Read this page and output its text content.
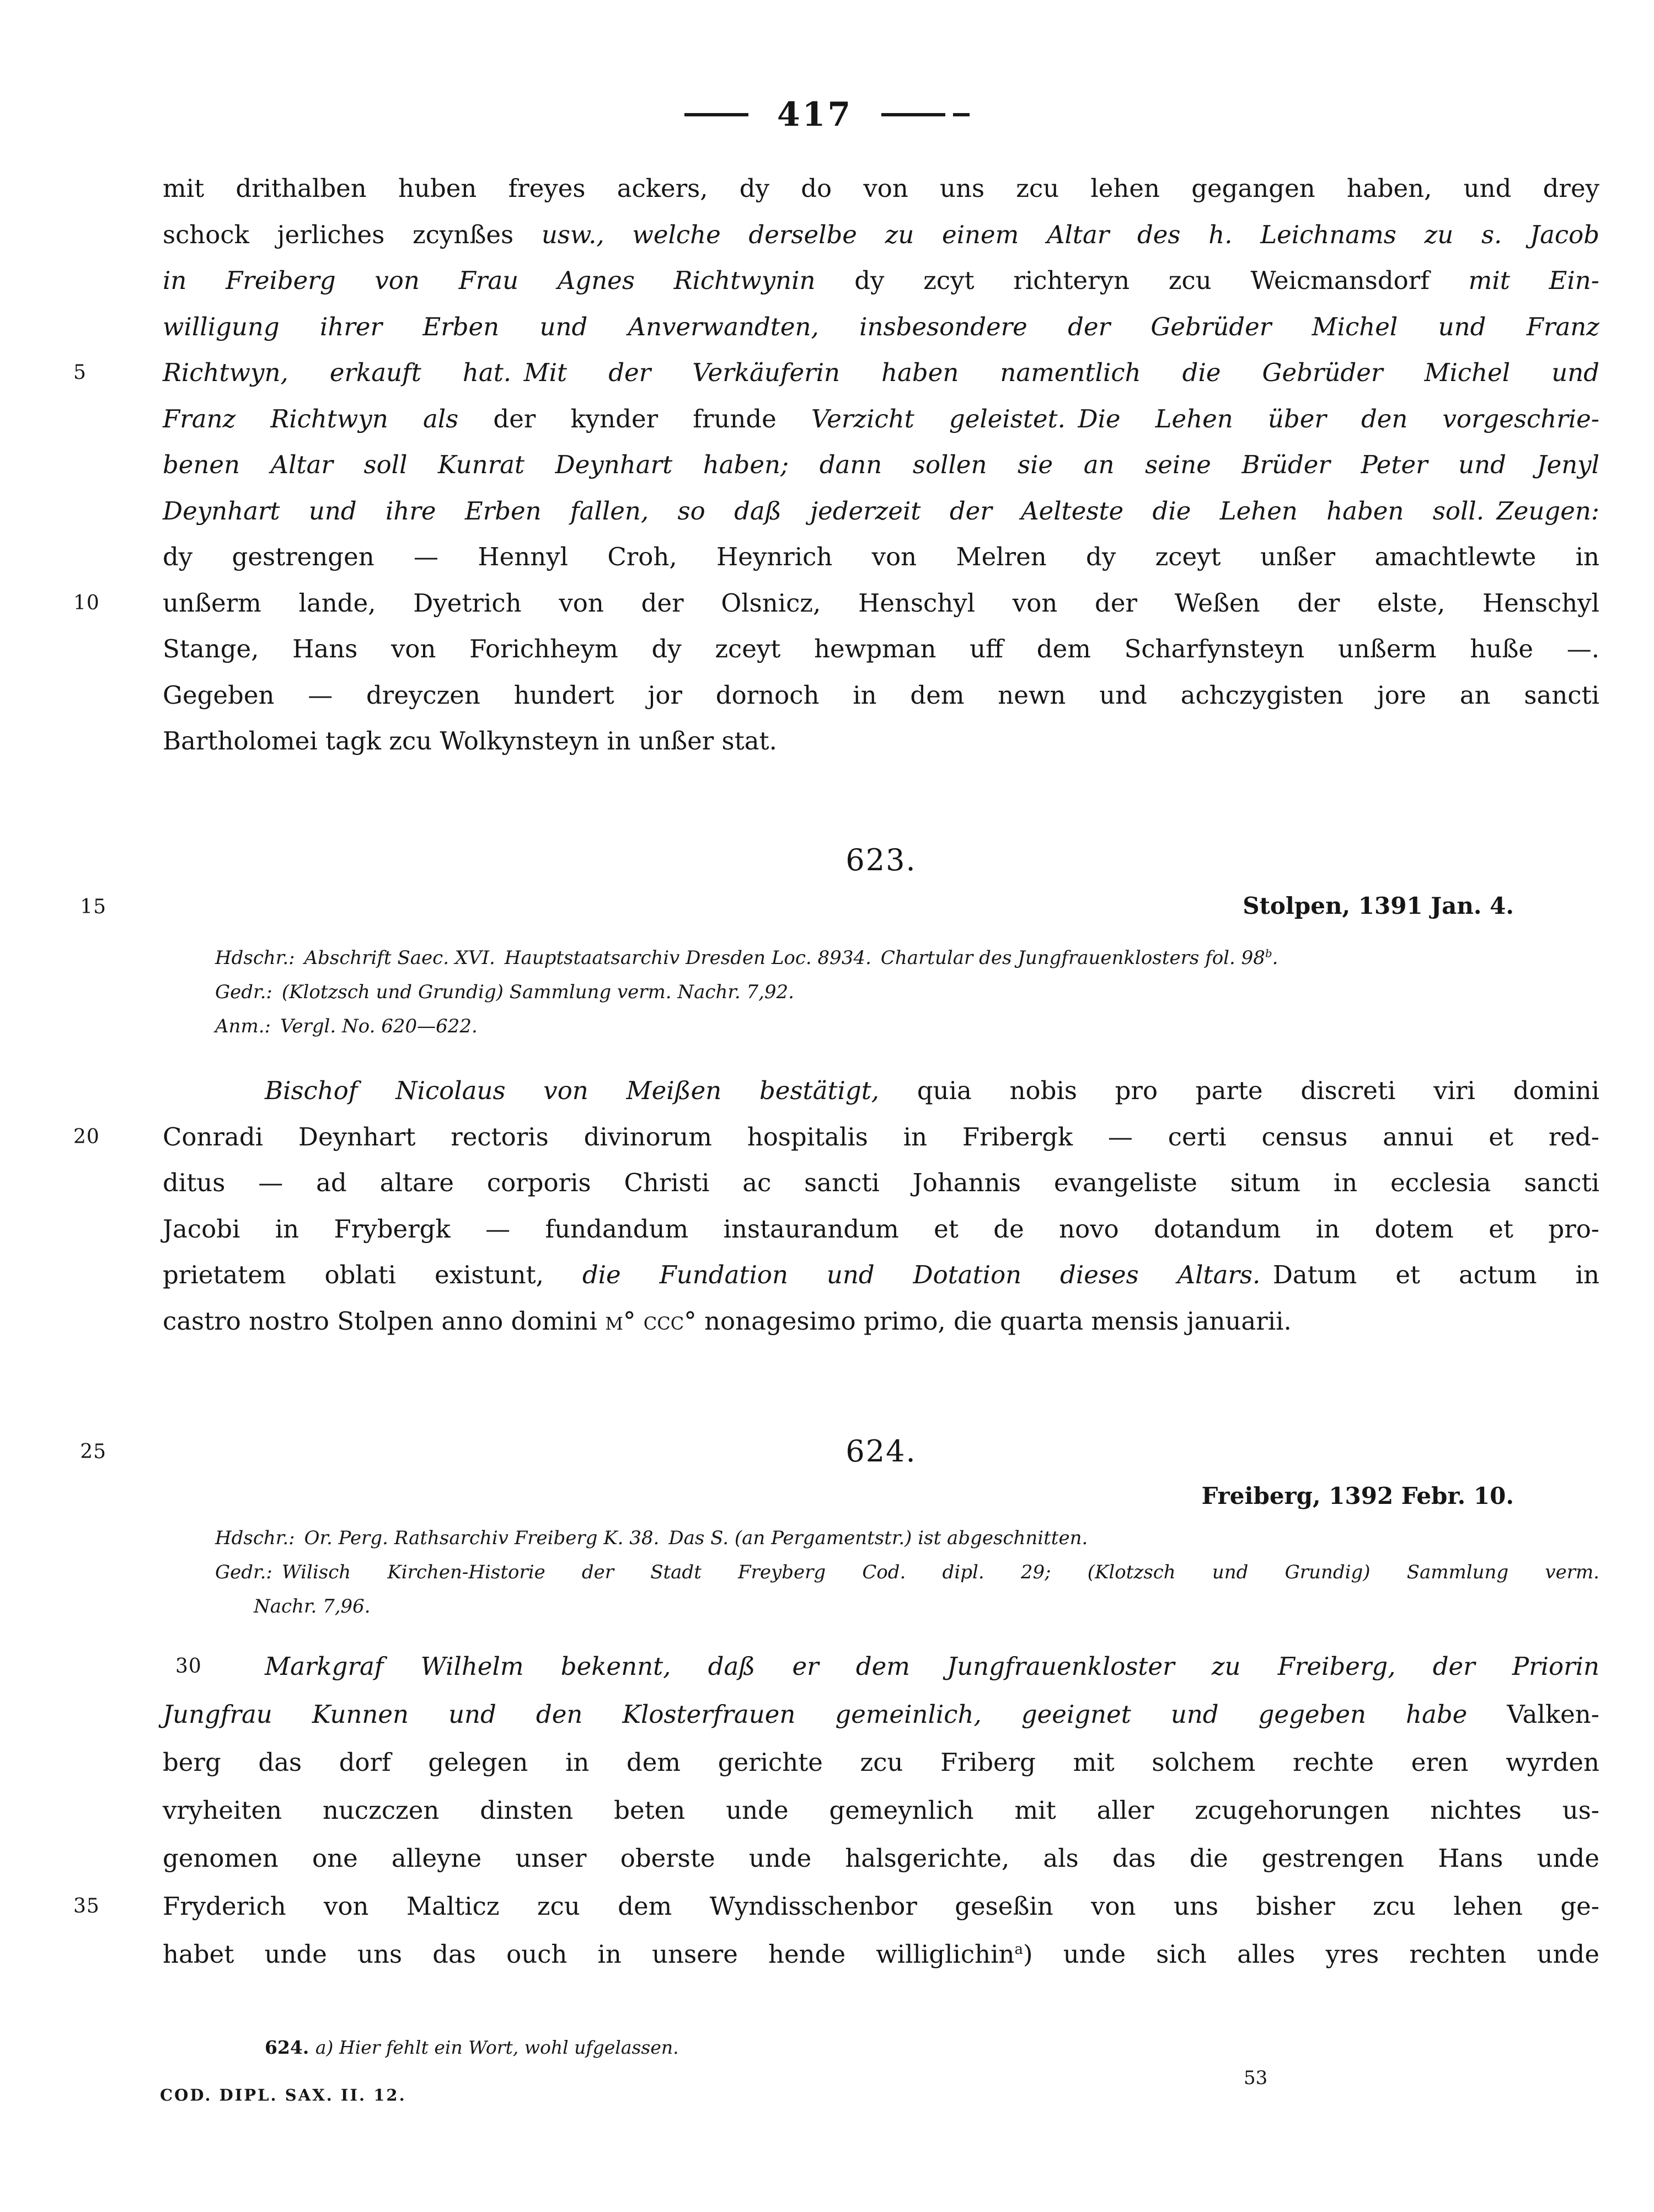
417
mit drithalben huben freyes ackers, dy do von uns zcu lehen gegangen haben, und drey
schock jerliches zcynßes usw., welche derselbe zu einem Altar des h. Leichnams zu s. Jacob
in Freiberg von Frau Agnes Richtwynin dy zcyt richteryn zcu Weicmansdorf mit Ein-
willigung ihrer Erben und Anverwandten, insbesondere der Gebrüder Michel und Franz
5	Richtwyn, erkauft hat. Mit der Verkäuferin haben namentlich die Gebrüder Michel und
Franz Richtwyn als der kynder frunde Verzicht geleistet. Die Lehen über den vorgeschrie-
benen Altar soll Kunrat Deynhart haben; dann sollen sie an seine Brüder Peter und Jenyl
Deynhart und ihre Erben fallen, so daß jederzeit der Aelteste die Lehen haben soll. Zeugen:
dy gestrengen — Hennyl Croh, Heynrich von Melren dy zceyt unßer amachtlewte in
10	unßerm lande, Dyetrich von der Olsnicz, Henschyl von der Weßen der elste, Henschyl
Stange, Hans von Forichheym dy zceyt hewpman uff dem Scharfynsteyn unßerm huße —.
Gegeben — dreyczen hundert jor dornoch in dem newn und achczygisten jore an sancti
Bartholomei tagk zcu Wolkynsteyn in unßer stat.
623.
15	Stolpen, 1391 Jan. 4.
Hdschr.: Abschrift Saec. XVI. Hauptstaatsarchiv Dresden Loc. 8934. Chartular des Jungfrauenklosters fol. 98$^b$.
Gedr.: (Klotzsch und Grundig) Sammlung verm. Nachr. 7,92.
Anm.: Vergl. No. 620—622.
Bischof Nicolaus von Meißen bestätigt, quia nobis pro parte discreti viri domini
20	Conradi Deynhart rectoris divinorum hospitalis in Fribergk — certi census annui et red-
ditus — ad altare corporis Christi ac sancti Johannis evangeliste situm in ecclesia sancti
Jacobi in Frybergk — fundandum instaurandum et de novo dotandum in dotem et pro-
prietatem oblati existunt, die Fundation und Dotation dieses Altars. Datum et actum in
castro nostro Stolpen anno domini m° ccc° nonagesimo primo, die quarta mensis januarii.
624.
25
Freiberg, 1392 Febr. 10.
Hdschr.: Or. Perg. Rathsarchiv Freiberg K. 38. Das S. (an Pergamentstr.) ist abgeschnitten.
Gedr.: Wilisch Kirchen-Historie der Stadt Freyberg Cod. dipl. 29; (Klotzsch und Grundig) Sammlung verm.
Nachr. 7,96.
30	Markgraf Wilhelm bekennt, daß er dem Jungfrauenkloster zu Freiberg, der Priorin
Jungfrau Kunnen und den Klosterfrauen gemeinlich, geeignet und gegeben habe Valken-
berg das dorf gelegen in dem gerichte zcu Friberg mit solchem rechte eren wyrden
vryheiten nuczczen dinsten beten unde gemeynlich mit aller zcugehorungen nichtes us-
genomen one alleyne unser oberste unde halsgerichte, als das die gestrengen Hans unde
35	Fryderich von Malticz zcu dem Wyndisschenbor geseßin von uns bisher zcu lehen ge-
habet unde uns das ouch in unsere hende williglichin$^a$) unde sich alles yres rechten unde
624. a) Hier fehlt ein Wort, wohl ufgelassen.
COD. DIPL. SAX. II. 12.
53
